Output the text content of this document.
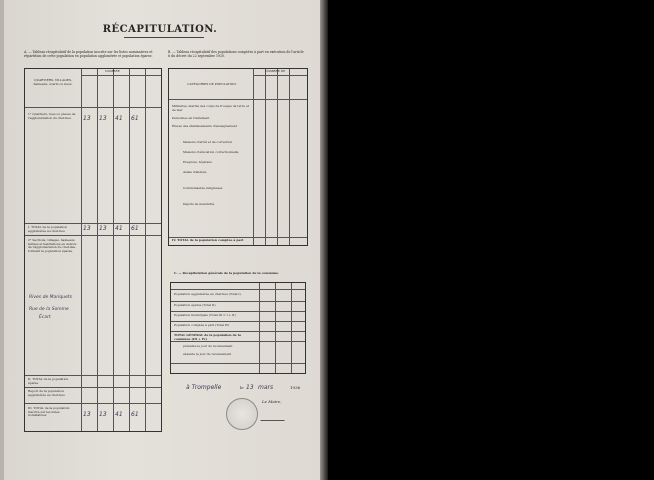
RÉCAPITULATION.
A. — Tableau récapitulatif de la population inscrite sur les listes nominatives et répartition de cette population en population agglomérée et population éparse.
B. — Tableau récapitulatif des populations comptées à part en exécution de l'article 6 du décret du 22 septembre 1920.
QUARTIERS, VILLAGES, hameaux, écarts ou lieux.
NOMBRE
1° Quartiers, rues ou places de l'agglomération du chef-lieu.	13 13 41 61
I. TOTAL de la population agglomérée au chef-lieu	13 13 41 61
2° Sections, villages, hameaux, fermes et habitations en dehors de l'agglomération du chef-lieu, formant la population éparse.
Rives de Mariquets
Rue de la Somme
Écart
II. TOTAL de la population éparse
Report de la population agglomérée au chef-lieu
III. TOTAL de la population inscrite sur les listes nominatives	13 13 41 61
CATÉGORIES DE POPULATION.
NOMBRE DE
Militaires, marins des corps de troupes de terre et de mer
Personnes en traitement
Élèves des établissements d'enseignement
Maisons d'arrêt et de correction
Maisons d'éducation correctionnelle
Hospices, hôpitaux
Asiles d'aliénés
Communautés religieuses
Dépôts de mendicité
IV. TOTAL de la population comptée à part
C. — Récapitulation générale de la population de la commune.
Population agglomérée au chef-lieu (Total I)
Population éparse (Total II)
Population municipale (Total III = I + II)
Population comptée à part (Total IV)
TOTAL GÉNÉRAL de la population de la commune (III + IV)
présente le jour du recensement
absente le jour du recensement
à Trompelle	le 13 mars	1936
Le Maire,
